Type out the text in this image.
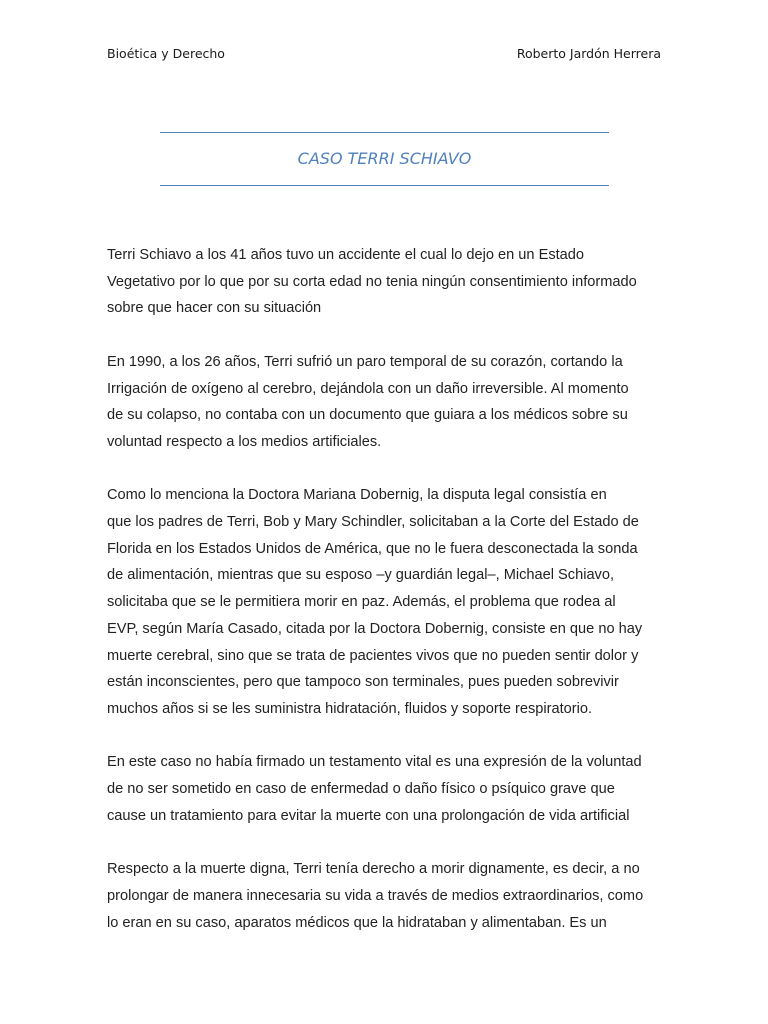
Bioética y Derecho	Roberto Jardón Herrera
CASO TERRI SCHIAVO

Terri Schiavo a los 41 años tuvo un accidente el cual lo dejo en un Estado
Vegetativo por lo que por su corta edad no tenia ningún consentimiento informado
sobre que hacer con su situación

En 1990, a los 26 años, Terri sufrió un paro temporal de su corazón, cortando la
Irrigación de oxígeno al cerebro, dejándola con un daño irreversible. Al momento
de su colapso, no contaba con un documento que guiara a los médicos sobre su
voluntad respecto a los medios artificiales.

Como lo menciona la Doctora Mariana Dobernig, la disputa legal consistía en
que los padres de Terri, Bob y Mary Schindler, solicitaban a la Corte del Estado de
Florida en los Estados Unidos de América, que no le fuera desconectada la sonda
de alimentación, mientras que su esposo –y guardián legal–, Michael Schiavo,
solicitaba que se le permitiera morir en paz. Además, el problema que rodea al
EVP, según María Casado, citada por la Doctora Dobernig, consiste en que no hay
muerte cerebral, sino que se trata de pacientes vivos que no pueden sentir dolor y
están inconscientes, pero que tampoco son terminales, pues pueden sobrevivir
muchos años si se les suministra hidratación, fluidos y soporte respiratorio.

En este caso no había firmado un testamento vital es una expresión de la voluntad
de no ser sometido en caso de enfermedad o daño físico o psíquico grave que
cause un tratamiento para evitar la muerte con una prolongación de vida artificial

Respecto a la muerte digna, Terri tenía derecho a morir dignamente, es decir, a no
prolongar de manera innecesaria su vida a través de medios extraordinarios, como
lo eran en su caso, aparatos médicos que la hidrataban y alimentaban. Es un
